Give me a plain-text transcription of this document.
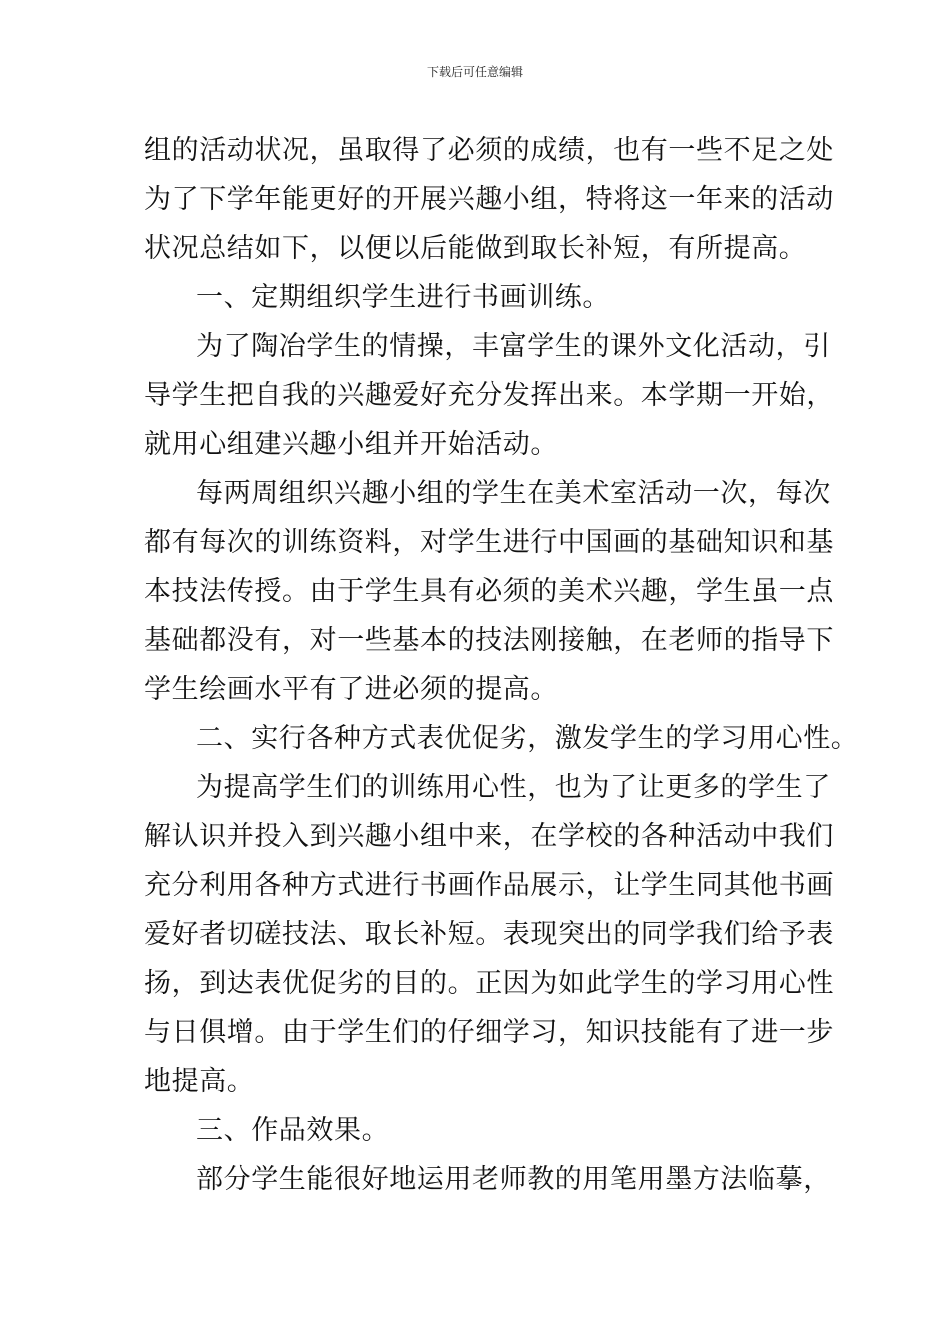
下载后可任意编辑
组的活动状况，虽取得了必须的成绩，也有一些不足之处
为了下学年能更好的开展兴趣小组，特将这一年来的活动
状况总结如下，以便以后能做到取长补短，有所提高。
一、定期组织学生进行书画训练。
为了陶冶学生的情操，丰富学生的课外文化活动，引
导学生把自我的兴趣爱好充分发挥出来。本学期一开始，
就用心组建兴趣小组并开始活动。
每两周组织兴趣小组的学生在美术室活动一次，每次
都有每次的训练资料，对学生进行中国画的基础知识和基
本技法传授。由于学生具有必须的美术兴趣，学生虽一点
基础都没有，对一些基本的技法刚接触，在老师的指导下
学生绘画水平有了进必须的提高。
二、实行各种方式表优促劣，激发学生的学习用心性。
为提高学生们的训练用心性，也为了让更多的学生了
解认识并投入到兴趣小组中来，在学校的各种活动中我们
充分利用各种方式进行书画作品展示，让学生同其他书画
爱好者切磋技法、取长补短。表现突出的同学我们给予表
扬，到达表优促劣的目的。正因为如此学生的学习用心性
与日俱增。由于学生们的仔细学习，知识技能有了进一步
地提高。
三、作品效果。
部分学生能很好地运用老师教的用笔用墨方法临摹，
